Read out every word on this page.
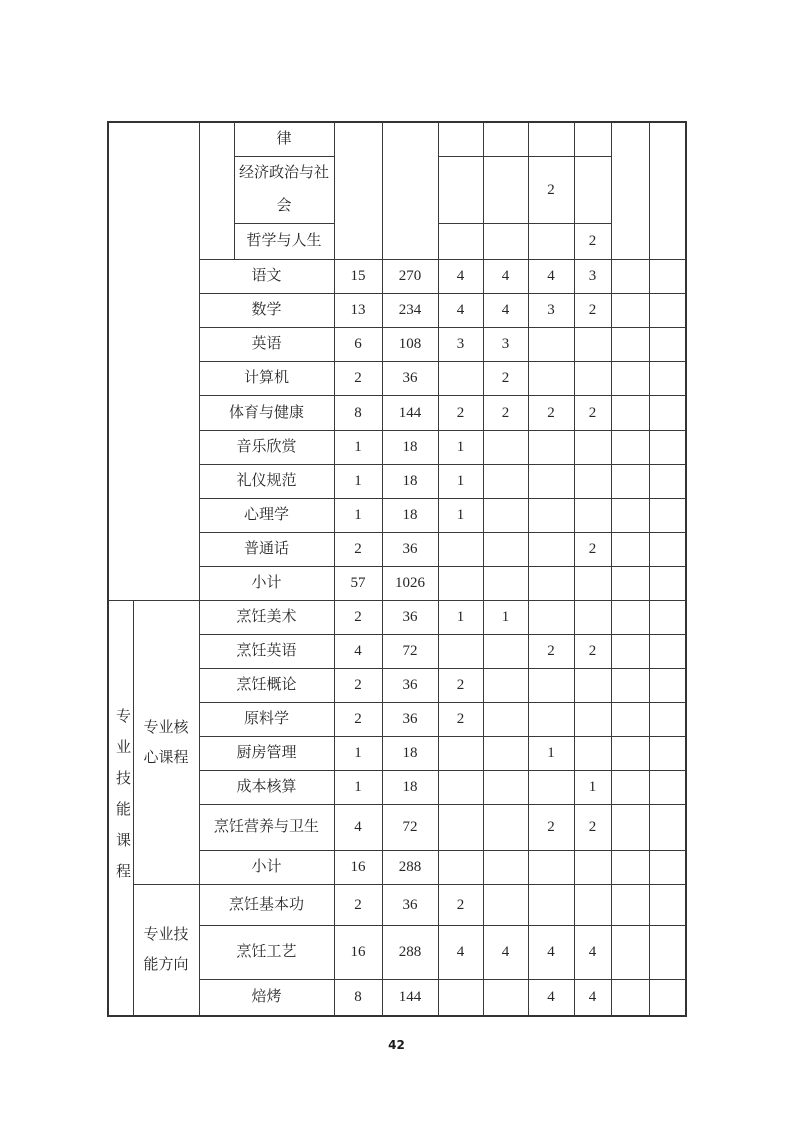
			律								
			经济政治与社会					2			
			哲学与人生						2		
		语文		15	270	4	4	4	3		
		数学		13	234	4	4	3	2		
		英语		6	108	3	3				
		计算机		2	36		2				
		体育与健康		8	144	2	2	2	2		
		音乐欣赏		1	18	1					
		礼仪规范		1	18	1					
		心理学		1	18	1					
		普通话		2	36				2		
		小计		57	1026						
专业技能课程	专业核心课程	烹饪美术		2	36	1	1				
		烹饪英语		4	72			2	2		
		烹饪概论		2	36	2					
		原料学		2	36	2					
		厨房管理		1	18			1			
		成本核算		1	18				1		
		烹饪营养与卫生		4	72			2	2		
		小计		16	288						

	专业技能方向	烹饪基本功		2	36	2					
		烹饪工艺		16	288	4	4	4	4		
		焙烤		8	144			4	4		
42
